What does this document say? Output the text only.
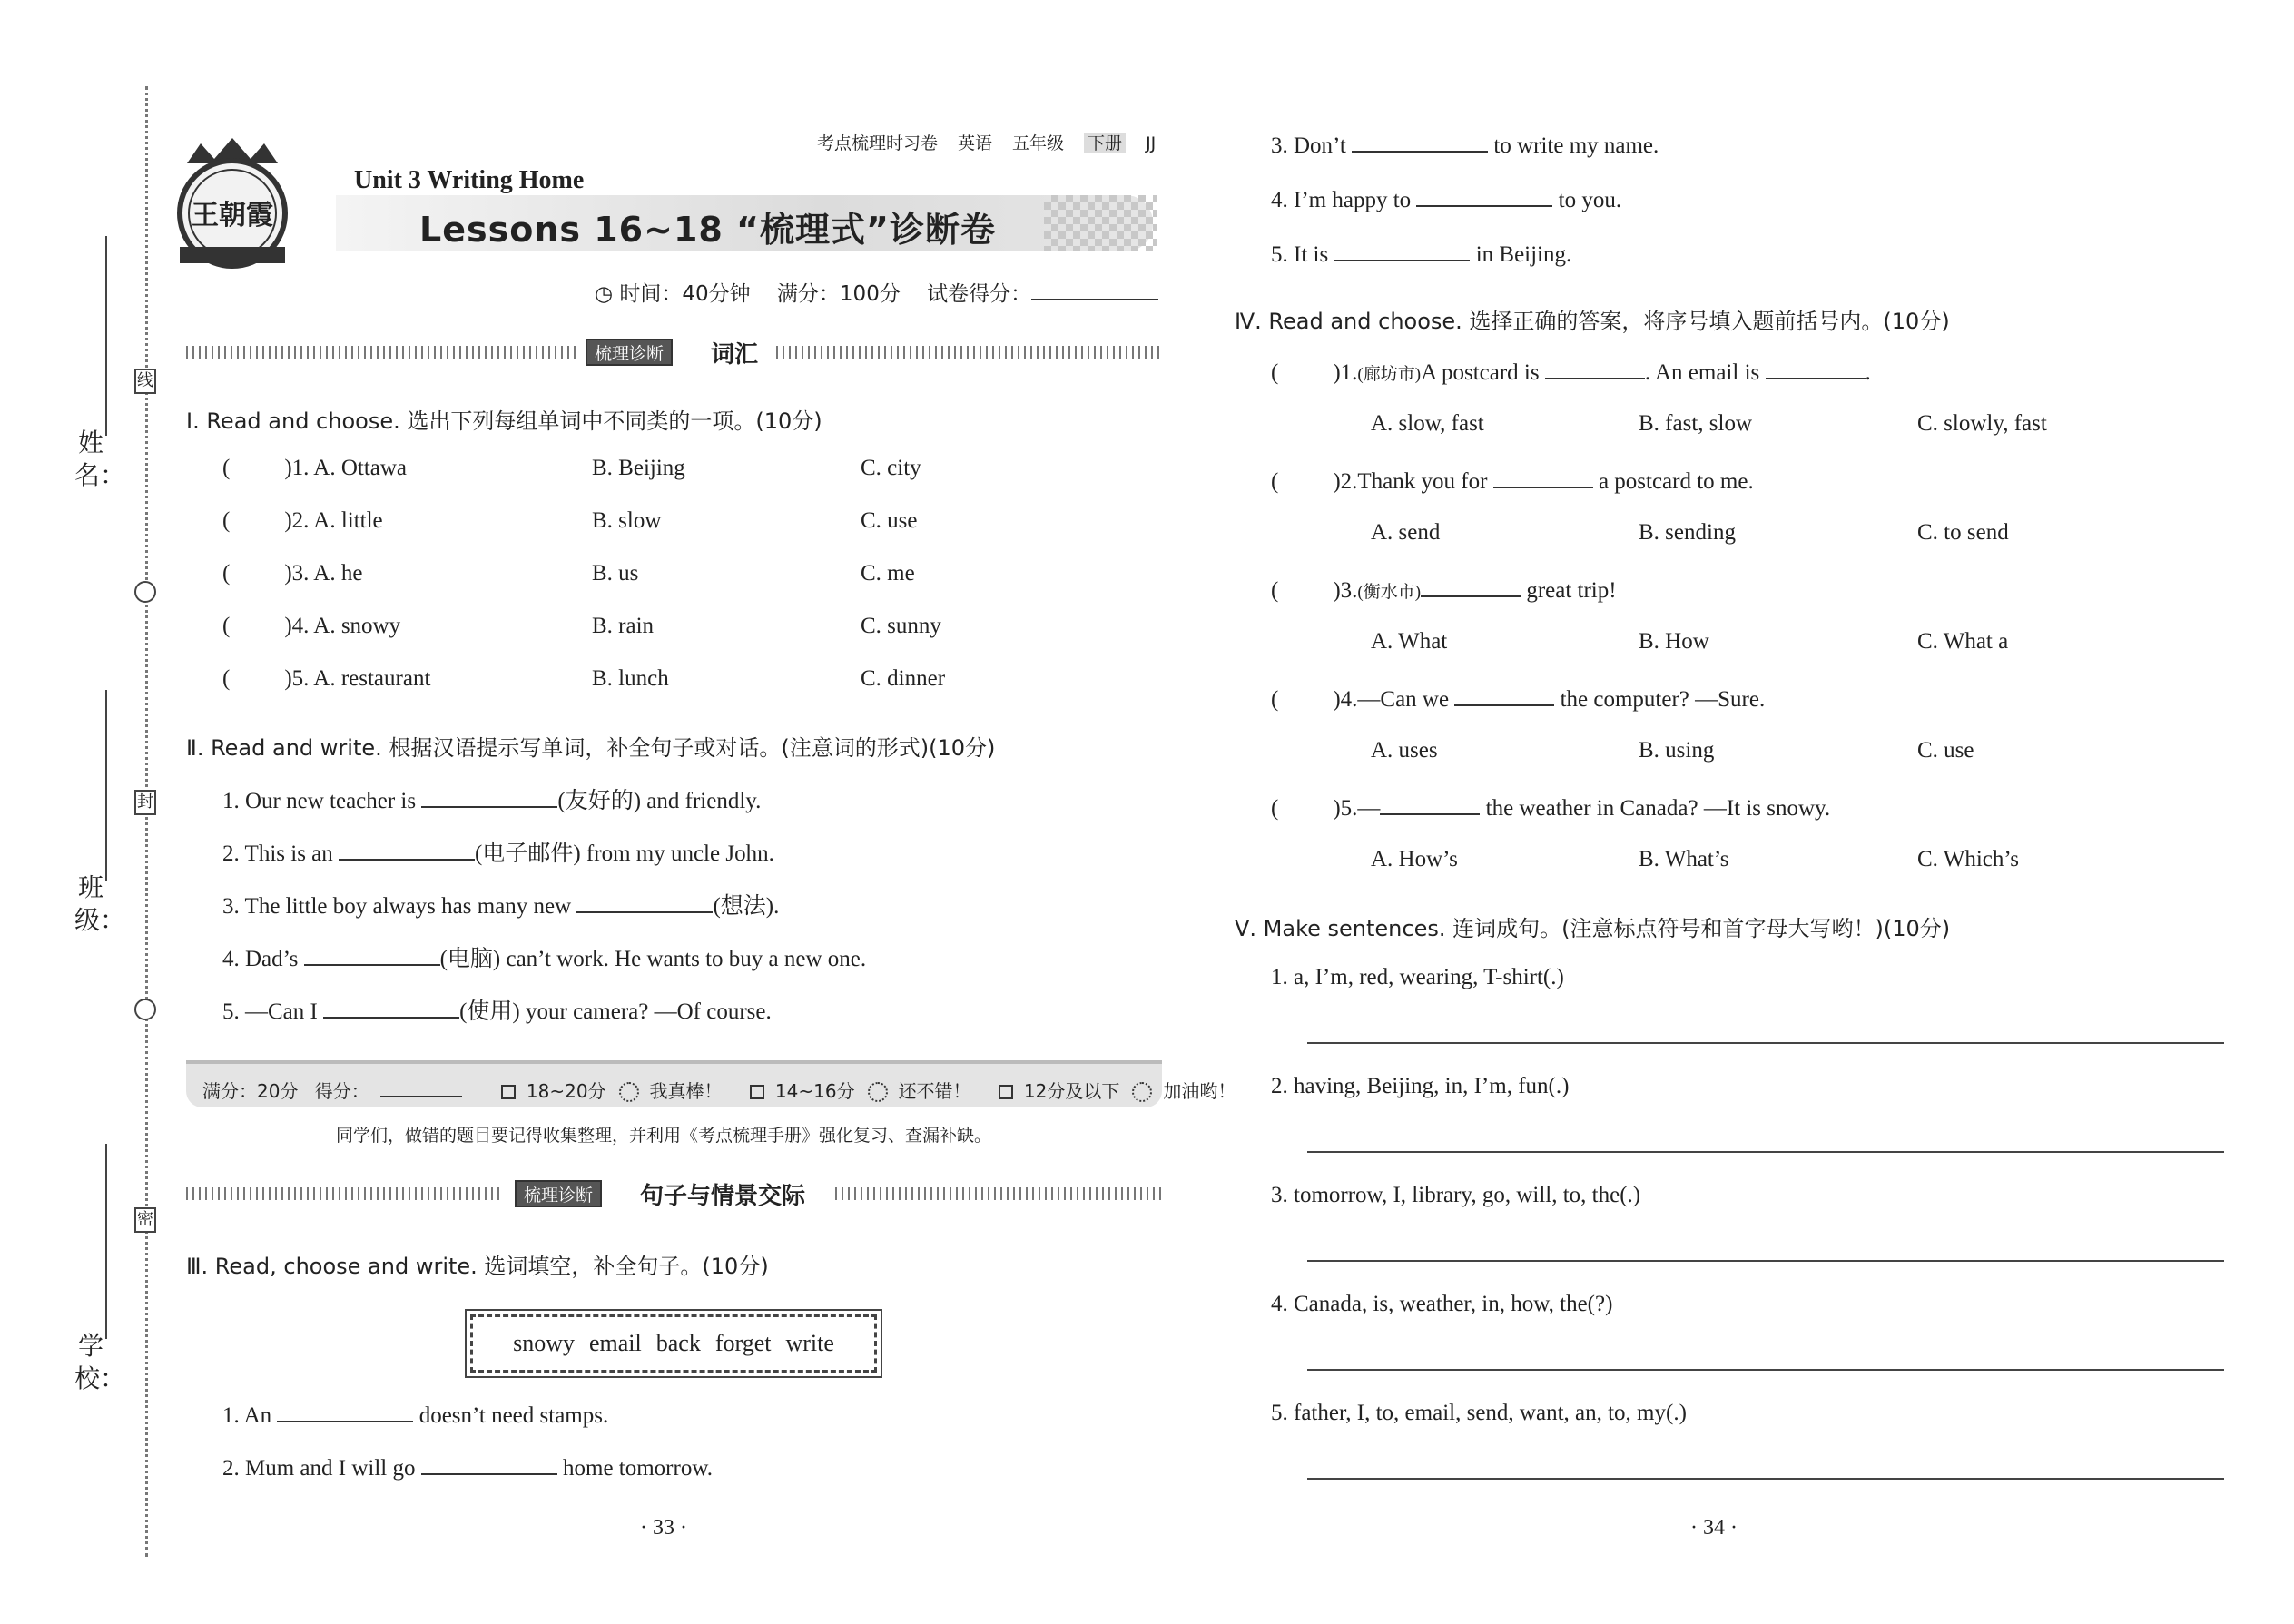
线
封
密
姓名：
班级：
学校：
王朝霞
考点梳理时习卷 英语 五年级 下册 JJ
Unit 3 Writing Home
Lessons 16~18 “梳理式”诊断卷
◷ 时间：40分钟 满分：100分 试卷得分：
梳理诊断	词汇
Ⅰ. Read and choose. 选出下列每组单词中不同类的一项。(10分)
( )1. A. Ottawa	B. Beijing	C. city
( )2. A. little	B. slow	C. use
( )3. A. he	B. us	C. me
( )4. A. snowy	B. rain	C. sunny
( )5. A. restaurant	B. lunch	C. dinner
Ⅱ. Read and write. 根据汉语提示写单词，补全句子或对话。(注意词的形式)(10分)
1. Our new teacher is	(友好的) and friendly.
2. This is an	(电子邮件) from my uncle John.
3. The little boy always has many new	(想法).
4. Dad’s	(电脑) can’t work. He wants to buy a new one.
5. —Can I	(使用) your camera? —Of course.
满分：20分 得分：	18~20分 我真棒！	14~16分 还不错！	12分及以下 加油哟！
同学们，做错的题目要记得收集整理，并利用《考点梳理手册》强化复习、查漏补缺。
梳理诊断	句子与情景交际
Ⅲ. Read, choose and write. 选词填空，补全句子。(10分)
snowy email back forget write
1. An	doesn’t need stamps.
2. Mum and I will go	home tomorrow.
· 33 ·
3. Don’t	to write my name.
4. I’m happy to	to you.
5. It is	in Beijing.
Ⅳ. Read and choose. 选择正确的答案，将序号填入题前括号内。(10分)
( )1.(廊坊市)A postcard is	. An email is	.
A. slow, fast	B. fast, slow	C. slowly, fast
( )2.Thank you for	a postcard to me.
A. send	B. sending	C. to send
( )3.(衡水市)	great trip!
A. What	B. How	C. What a
( )4.—Can we	the computer? —Sure.
A. uses	B. using	C. use
( )5.—	the weather in Canada? —It is snowy.
A. How’s	B. What’s	C. Which’s
Ⅴ. Make sentences. 连词成句。(注意标点符号和首字母大写哟！)(10分)
1. a, I’m, red, wearing, T-shirt(.)
2. having, Beijing, in, I’m, fun(.)
3. tomorrow, I, library, go, will, to, the(.)
4. Canada, is, weather, in, how, the(?)
5. father, I, to, email, send, want, an, to, my(.)
· 34 ·
